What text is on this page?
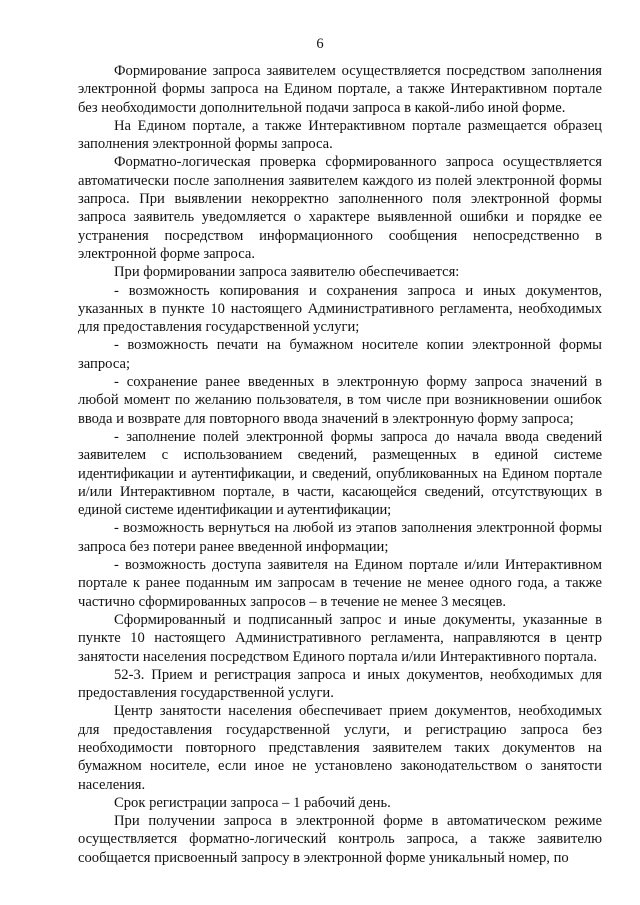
6

Формирование запроса заявителем осуществляется посредством заполнения электронной формы запроса на Едином портале, а также Интерактивном портале без необходимости дополнительной подачи запроса в какой-либо иной форме.

На Едином портале, а также Интерактивном портале размещается образец заполнения электронной формы запроса.

Форматно-логическая проверка сформированного запроса осуществляется автоматически после заполнения заявителем каждого из полей электронной формы запроса. При выявлении некорректно заполненного поля электронной формы запроса заявитель уведомляется о характере выявленной ошибки и порядке ее устранения посредством информационного сообщения непосредственно в электронной форме запроса.

При формировании запроса заявителю обеспечивается:

- возможность копирования и сохранения запроса и иных документов, указанных в пункте 10 настоящего Административного регламента, необходимых для предоставления государственной услуги;

- возможность печати на бумажном носителе копии электронной формы запроса;

- сохранение ранее введенных в электронную форму запроса значений в любой момент по желанию пользователя, в том числе при возникновении ошибок ввода и возврате для повторного ввода значений в электронную форму запроса;

- заполнение полей электронной формы запроса до начала ввода сведений заявителем с использованием сведений, размещенных в единой системе идентификации и аутентификации, и сведений, опубликованных на Едином портале и/или Интерактивном портале, в части, касающейся сведений, отсутствующих в единой системе идентификации и аутентификации;

- возможность вернуться на любой из этапов заполнения электронной формы запроса без потери ранее введенной информации;

- возможность доступа заявителя на Едином портале и/или Интерактивном портале к ранее поданным им запросам в течение не менее одного года, а также частично сформированных запросов – в течение не менее 3 месяцев.

Сформированный и подписанный запрос и иные документы, указанные в пункте 10 настоящего Административного регламента, направляются в центр занятости населения посредством Единого портала и/или Интерактивного портала.

52-3. Прием и регистрация запроса и иных документов, необходимых для предоставления государственной услуги.

Центр занятости населения обеспечивает прием документов, необходимых для предоставления государственной услуги, и регистрацию запроса без необходимости повторного представления заявителем таких документов на бумажном носителе, если иное не установлено законодательством о занятости населения.

Срок регистрации запроса – 1 рабочий день.

При получении запроса в электронной форме в автоматическом режиме осуществляется форматно-логический контроль запроса, а также заявителю сообщается присвоенный запросу в электронной форме уникальный номер, по
